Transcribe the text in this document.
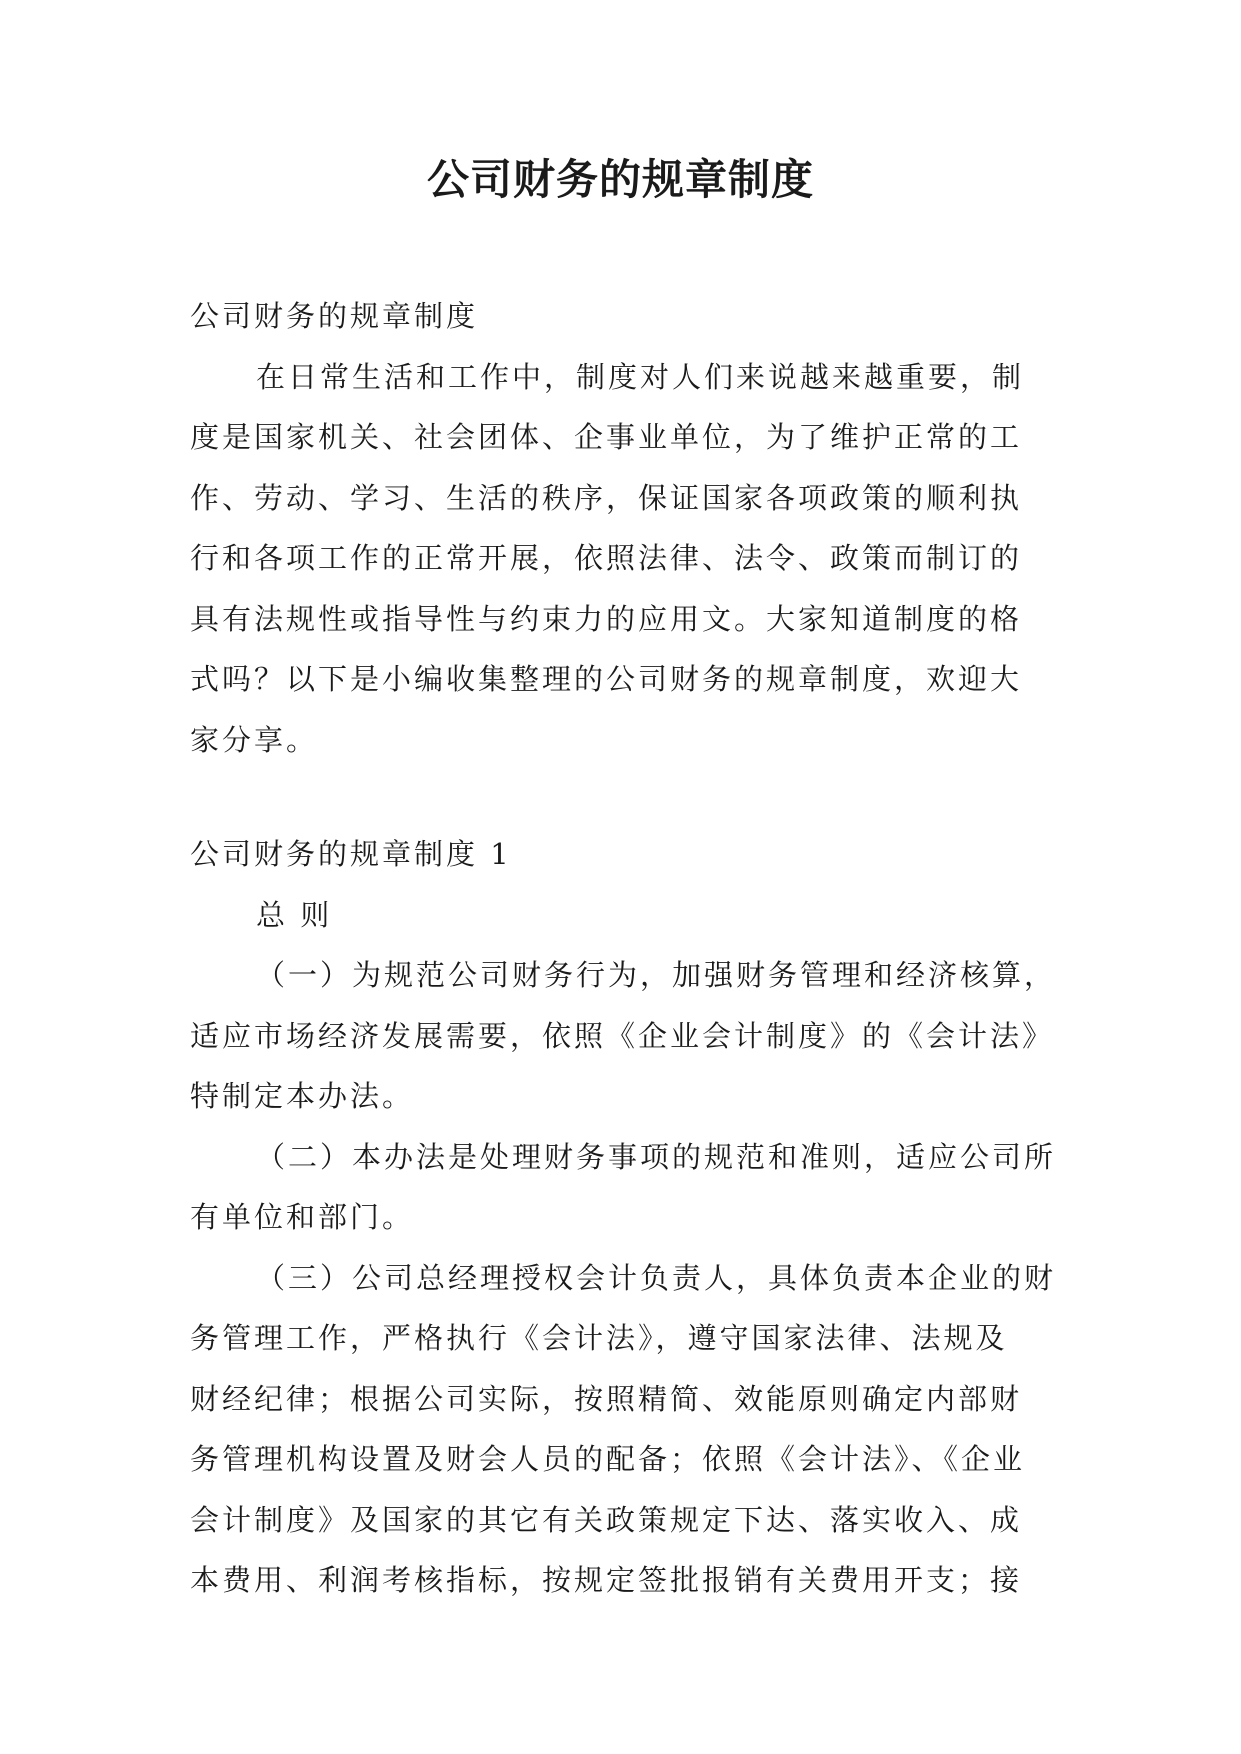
公司财务的规章制度
公司财务的规章制度
在日常生活和工作中，制度对人们来说越来越重要，制
度是国家机关、社会团体、企事业单位，为了维护正常的工
作、劳动、学习、生活的秩序，保证国家各项政策的顺利执
行和各项工作的正常开展，依照法律、法令、政策而制订的
具有法规性或指导性与约束力的应用文。大家知道制度的格
式吗？以下是小编收集整理的公司财务的规章制度，欢迎大
家分享。
公司财务的规章制度 1
总 则
（一）为规范公司财务行为，加强财务管理和经济核算，
适应市场经济发展需要，依照《企业会计制度》的《会计法》
特制定本办法。
（二）本办法是处理财务事项的规范和准则，适应公司所
有单位和部门。
（三）公司总经理授权会计负责人，具体负责本企业的财
务管理工作，严格执行《会计法》，遵守国家法律、法规及
财经纪律；根据公司实际，按照精简、效能原则确定内部财
务管理机构设置及财会人员的配备；依照《会计法》、《企业
会计制度》及国家的其它有关政策规定下达、落实收入、成
本费用、利润考核指标，按规定签批报销有关费用开支；接
